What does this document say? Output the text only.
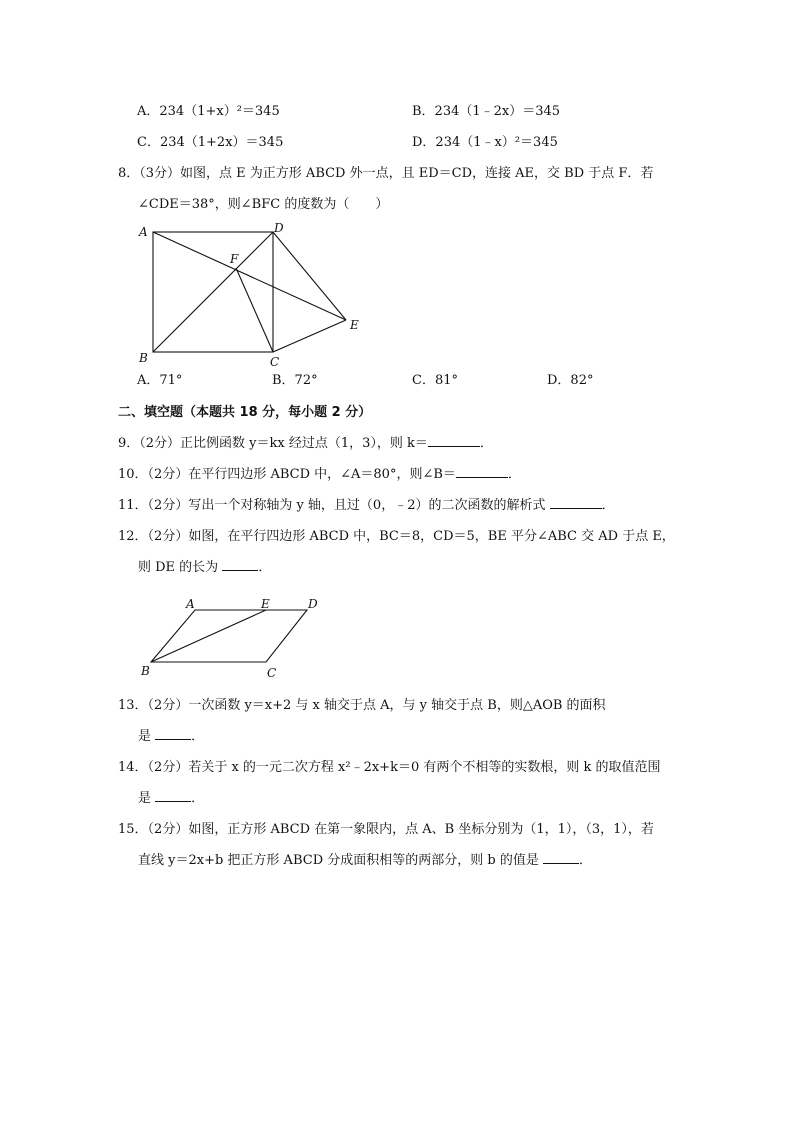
A．234（1+x）²＝345	B．234（1﹣2x）＝345
C．234（1+2x）＝345	D．234（1﹣x）²＝345
8．（3分）如图，点 E 为正方形 ABCD 外一点，且 ED＝CD，连接 AE，交 BD 于点 F．若
∠CDE＝38°，则∠BFC 的度数为（　　）
A
B	C
D
E
F
A．71°	B．72°	C．81°	D．82°
二、填空题（本题共 18 分，每小题 2 分）
9．（2分）正比例函数 y＝kx 经过点（1，3），则 k＝	．
10．（2分）在平行四边形 ABCD 中，∠A＝80°，则∠B＝	．
11．（2分）写出一个对称轴为 y 轴，且过（0，﹣2）的二次函数的解析式	．
12．（2分）如图，在平行四边形 ABCD 中，BC＝8，CD＝5，BE 平分∠ABC 交 AD 于点 E，
则 DE 的长为	．
A
B	C
D
E
13．（2分）一次函数 y＝x+2 与 x 轴交于点 A，与 y 轴交于点 B，则△AOB 的面积
是	．
14．（2分）若关于 x 的一元二次方程 x²﹣2x+k＝0 有两个不相等的实数根，则 k 的取值范围
是	．
15．（2分）如图，正方形 ABCD 在第一象限内，点 A、B 坐标分别为（1，1），（3，1），若
直线 y＝2x+b 把正方形 ABCD 分成面积相等的两部分，则 b 的值是	．
